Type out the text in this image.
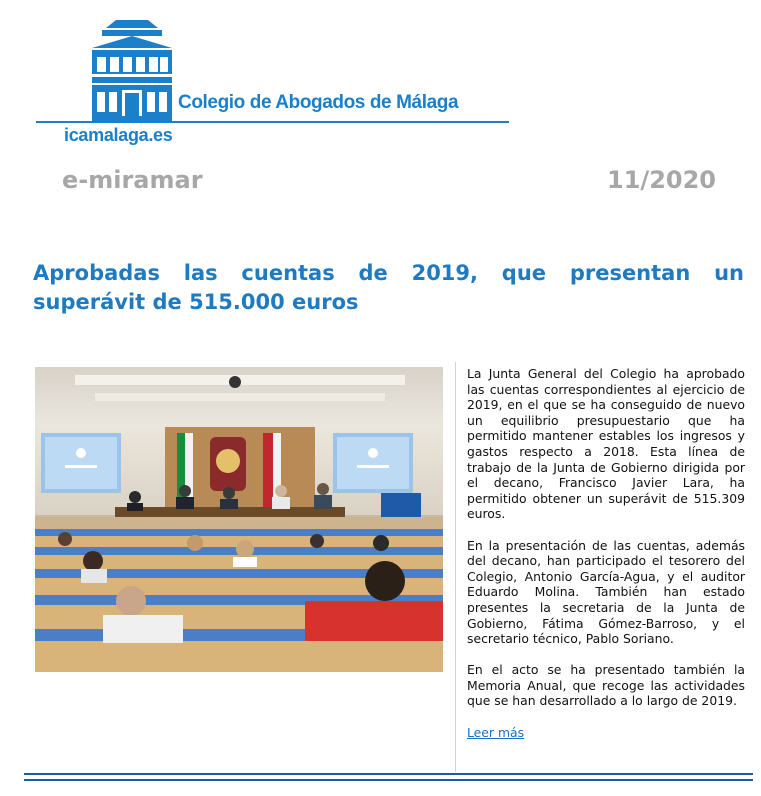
Colegio de Abogados de Málaga
icamalaga.es
e-miramar	11/2020
Aprobadas las cuentas de 2019, que presentan un superávit de 515.000 euros

La Junta General del Colegio ha aprobado las cuentas correspondientes al ejercicio de 2019, en el que se ha conseguido de nuevo un equilibrio presupuestario que ha permitido mantener estables los ingresos y gastos respecto a 2018. Esta línea de trabajo de la Junta de Gobierno dirigida por el decano, Francisco Javier Lara, ha permitido obtener un superávit de 515.309 euros.

En la presentación de las cuentas, además del decano, han participado el tesorero del Colegio, Antonio García-Agua, y el auditor Eduardo Molina. También han estado presentes la secretaria de la Junta de Gobierno, Fátima Gómez-Barroso, y el secretario técnico, Pablo Soriano.

En el acto se ha presentado también la Memoria Anual, que recoge las actividades que se han desarrollado a lo largo de 2019.

Leer más
